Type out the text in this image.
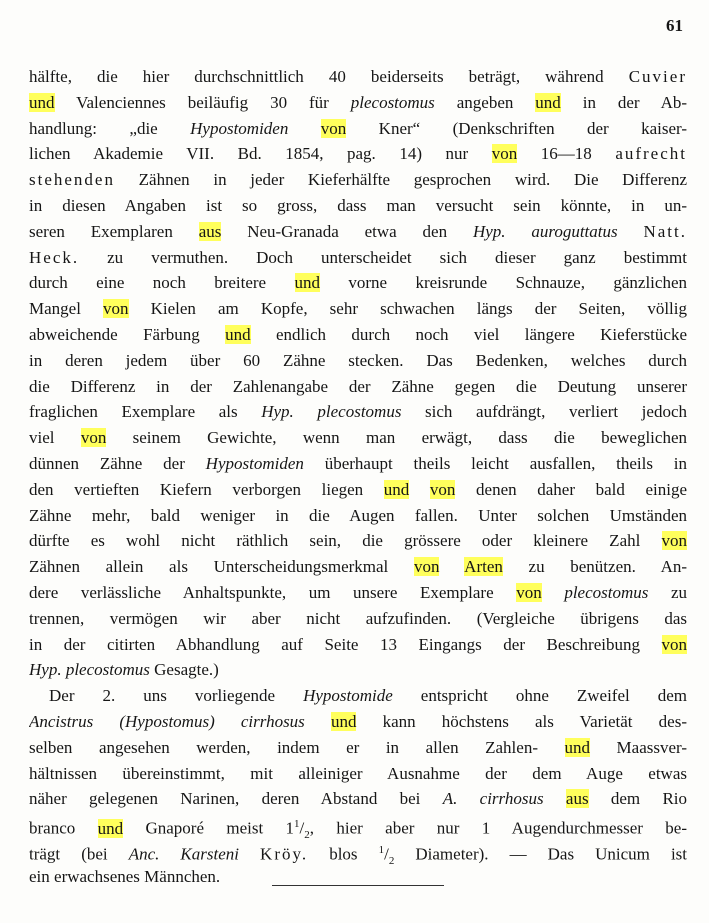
61
hälfte, die hier durchschnittlich 40 beiderseits beträgt, während Cuvier
und Valenciennes beiläufig 30 für plecostomus angeben und in der Ab-
handlung: „die Hypostomiden von Kner“ (Denkschriften der kaiser-
lichen Akademie VII. Bd. 1854, pag. 14) nur von 16—18 aufrecht
stehenden Zähnen in jeder Kieferhälfte gesprochen wird. Die Differenz
in diesen Angaben ist so gross, dass man versucht sein könnte, in un-
seren Exemplaren aus Neu-Granada etwa den Hyp. auroguttatus Natt.
Heck. zu vermuthen. Doch unterscheidet sich dieser ganz bestimmt
durch eine noch breitere und vorne kreisrunde Schnauze, gänzlichen
Mangel von Kielen am Kopfe, sehr schwachen längs der Seiten, völlig
abweichende Färbung und endlich durch noch viel längere Kieferstücke
in deren jedem über 60 Zähne stecken. Das Bedenken, welches durch
die Differenz in der Zahlenangabe der Zähne gegen die Deutung unserer
fraglichen Exemplare als Hyp. plecostomus sich aufdrängt, verliert jedoch
viel von seinem Gewichte, wenn man erwägt, dass die beweglichen
dünnen Zähne der Hypostomiden überhaupt theils leicht ausfallen, theils in
den vertieften Kiefern verborgen liegen und von denen daher bald einige
Zähne mehr, bald weniger in die Augen fallen. Unter solchen Umständen
dürfte es wohl nicht räthlich sein, die grössere oder kleinere Zahl von
Zähnen allein als Unterscheidungsmerkmal von Arten zu benützen. An-
dere verlässliche Anhaltspunkte, um unsere Exemplare von plecostomus zu
trennen, vermögen wir aber nicht aufzufinden. (Vergleiche übrigens das
in der citirten Abhandlung auf Seite 13 Eingangs der Beschreibung von
Hyp. plecostomus Gesagte.)
Der 2. uns vorliegende Hypostomide entspricht ohne Zweifel dem
Ancistrus (Hypostomus) cirrhosus und kann höchstens als Varietät des-
selben angesehen werden, indem er in allen Zahlen- und Maassver-
hältnissen übereinstimmt, mit alleiniger Ausnahme der dem Auge etwas
näher gelegenen Narinen, deren Abstand bei A. cirrhosus aus dem Rio
branco und Gnaporé meist $1^1/_2$, hier aber nur 1 Augendurchmesser be-
trägt (bei Anc. Karsteni Kröy. blos $^1/_2$ Diameter). — Das Unicum ist
ein erwachsenes Männchen.
